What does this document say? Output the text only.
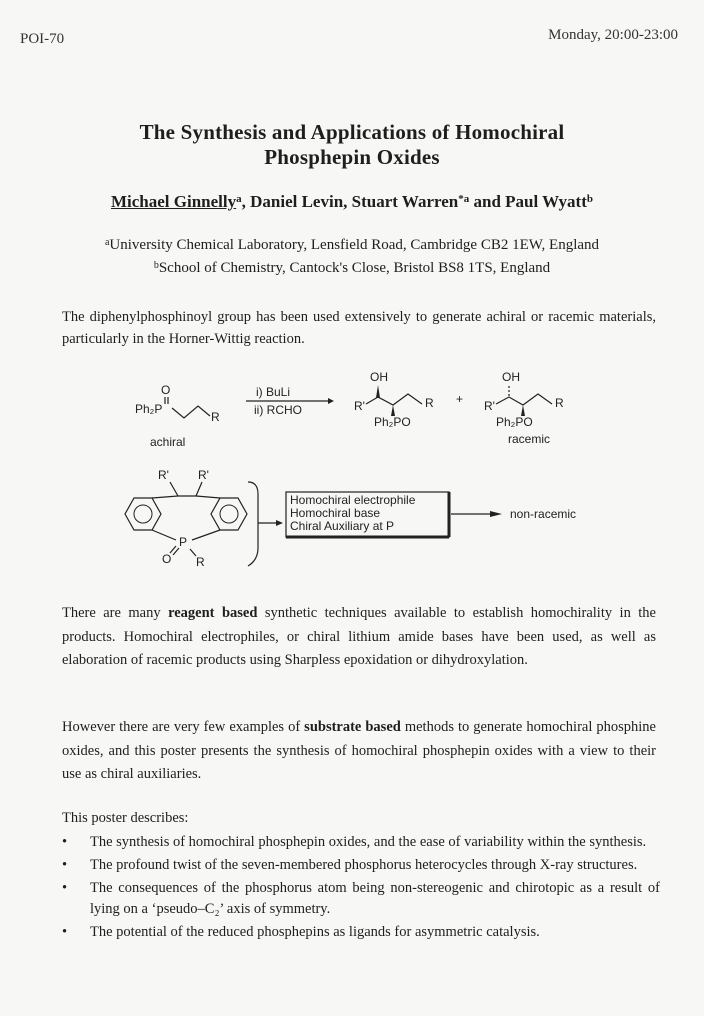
POI-70	Monday, 20:00-23:00
The Synthesis and Applications of Homochiral
Phosphepin Oxides
Michael Ginnelly$^a$, Daniel Levin, Stuart Warren$^{*a}$ and Paul Wyatt$^b$
$^a$University Chemical Laboratory, Lensfield Road, Cambridge CB2 1EW, England
$^b$School of Chemistry, Cantock's Close, Bristol BS8 1TS, England
The diphenylphosphinoyl group has been used extensively to generate achiral or racemic materials, particularly in the Horner-Wittig reaction.
O
Ph₂P
R
achiral
i) BuLi
ii) RCHO
OH
R'	R
Ph₂PO
+
OH
R'	R
Ph₂PO
racemic
R' R'
P
O R
Homochiral electrophile
Homochiral base
Chiral Auxiliary at P
non-racemic
There are many reagent based synthetic techniques available to establish homochirality in the products. Homochiral electrophiles, or chiral lithium amide bases have been used, as well as elaboration of racemic products using Sharpless epoxidation or dihydroxylation.
However there are very few examples of substrate based methods to generate homochiral phosphine oxides, and this poster presents the synthesis of homochiral phosphepin oxides with a view to their use as chiral auxiliaries.
This poster describes:
• The synthesis of homochiral phosphepin oxides, and the ease of variability within the synthesis.
• The profound twist of the seven-membered phosphorus heterocycles through X-ray structures.
• The consequences of the phosphorus atom being non-stereogenic and chirotopic as a result of lying on a ‘pseudo–C₂’ axis of symmetry.
• The potential of the reduced phosphepins as ligands for asymmetric catalysis.
